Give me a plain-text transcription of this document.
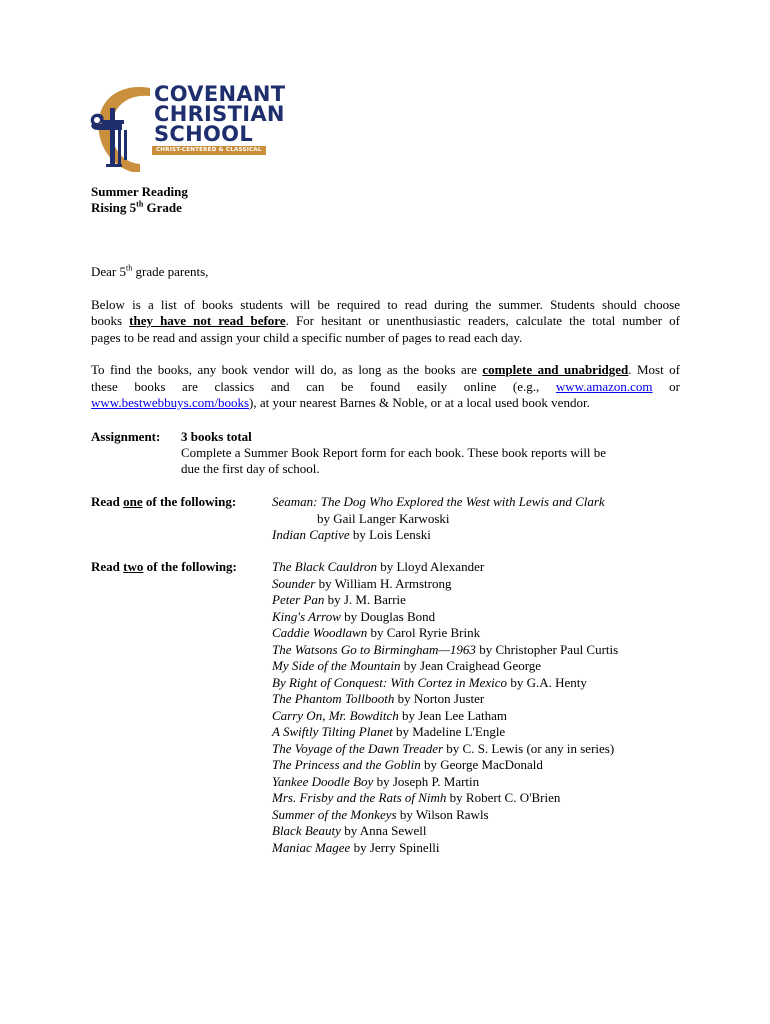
COVENANT
CHRISTIAN
SCHOOL
CHRIST-CENTERED & CLASSICAL
Summer Reading
Rising 5th Grade
Dear 5th grade parents,
Below is a list of books students will be required to read during the summer. Students should choose
books they have not read before. For hesitant or unenthusiastic readers, calculate the total number of
pages to be read and assign your child a specific number of pages to read each day.
To find the books, any book vendor will do, as long as the books are complete and unabridged. Most of
these books are classics and can be found easily online (e.g., www.amazon.com or
www.bestwebbuys.com/books), at your nearest Barnes & Noble, or at a local used book vendor.
Assignment: 3 books total
Complete a Summer Book Report form for each book. These book reports will be
due the first day of school.
Read one of the following:	Seaman: The Dog Who Explored the West with Lewis and Clark
by Gail Langer Karwoski
Indian Captive by Lois Lenski
Read two of the following:	The Black Cauldron by Lloyd Alexander
Sounder by William H. Armstrong
Peter Pan by J. M. Barrie
King's Arrow by Douglas Bond
Caddie Woodlawn by Carol Ryrie Brink
The Watsons Go to Birmingham—1963 by Christopher Paul Curtis
My Side of the Mountain by Jean Craighead George
By Right of Conquest: With Cortez in Mexico by G.A. Henty
The Phantom Tollbooth by Norton Juster
Carry On, Mr. Bowditch by Jean Lee Latham
A Swiftly Tilting Planet by Madeline L'Engle
The Voyage of the Dawn Treader by C. S. Lewis (or any in series)
The Princess and the Goblin by George MacDonald
Yankee Doodle Boy by Joseph P. Martin
Mrs. Frisby and the Rats of Nimh by Robert C. O'Brien
Summer of the Monkeys by Wilson Rawls
Black Beauty by Anna Sewell
Maniac Magee by Jerry Spinelli
